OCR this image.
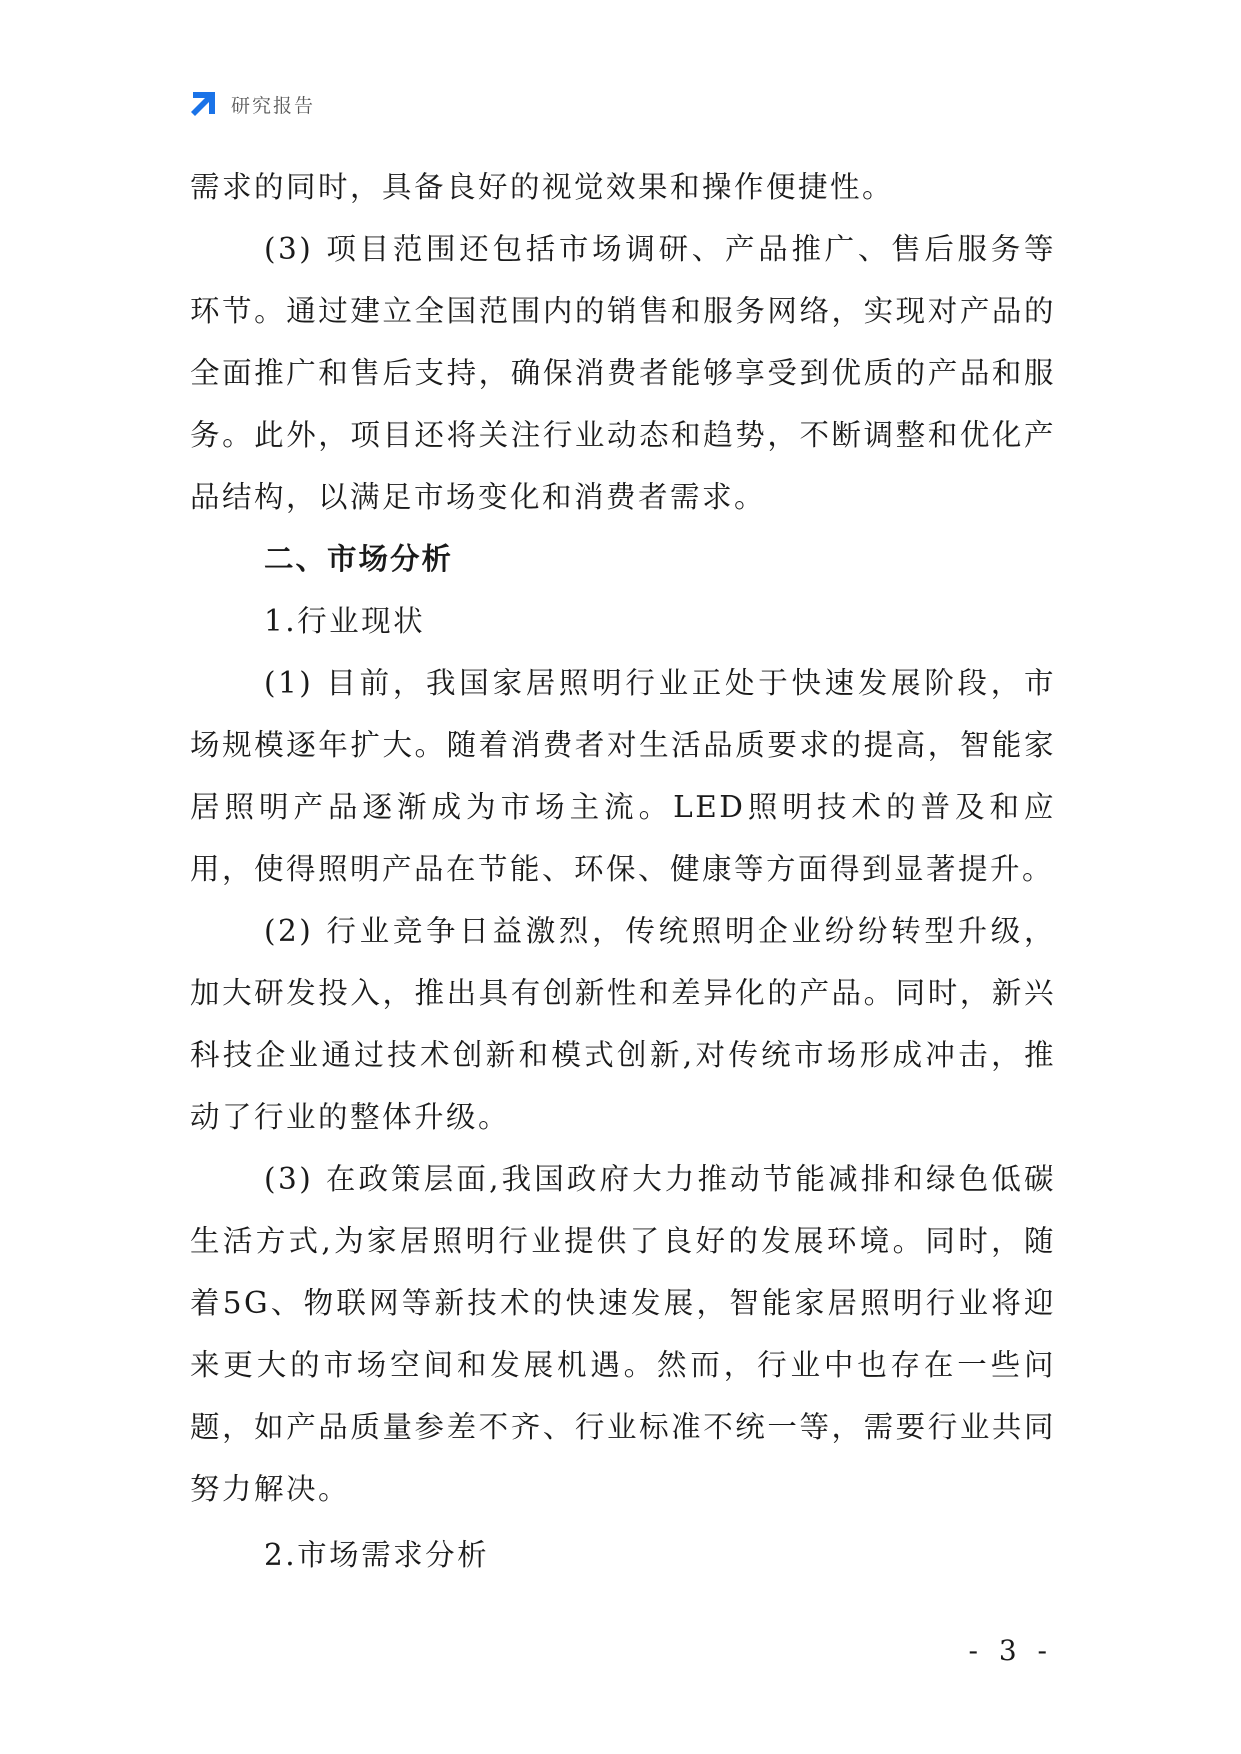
研究报告

需求的同时，具备良好的视觉效果和操作便捷性。

(3) 项目范围还包括市场调研、产品推广、售后服务等环节。通过建立全国范围内的销售和服务网络，实现对产品的全面推广和售后支持，确保消费者能够享受到优质的产品和服务。此外，项目还将关注行业动态和趋势，不断调整和优化产品结构，以满足市场变化和消费者需求。

二、市场分析

1.行业现状

(1) 目前，我国家居照明行业正处于快速发展阶段，市场规模逐年扩大。随着消费者对生活品质要求的提高，智能家居照明产品逐渐成为市场主流。LED照明技术的普及和应用，使得照明产品在节能、环保、健康等方面得到显著提升。

(2) 行业竞争日益激烈，传统照明企业纷纷转型升级，加大研发投入，推出具有创新性和差异化的产品。同时，新兴科技企业通过技术创新和模式创新,对传统市场形成冲击，推动了行业的整体升级。

(3) 在政策层面,我国政府大力推动节能减排和绿色低碳生活方式,为家居照明行业提供了良好的发展环境。同时，随着5G、物联网等新技术的快速发展，智能家居照明行业将迎来更大的市场空间和发展机遇。然而，行业中也存在一些问题，如产品质量参差不齐、行业标准不统一等，需要行业共同努力解决。

2.市场需求分析

- 3 -
